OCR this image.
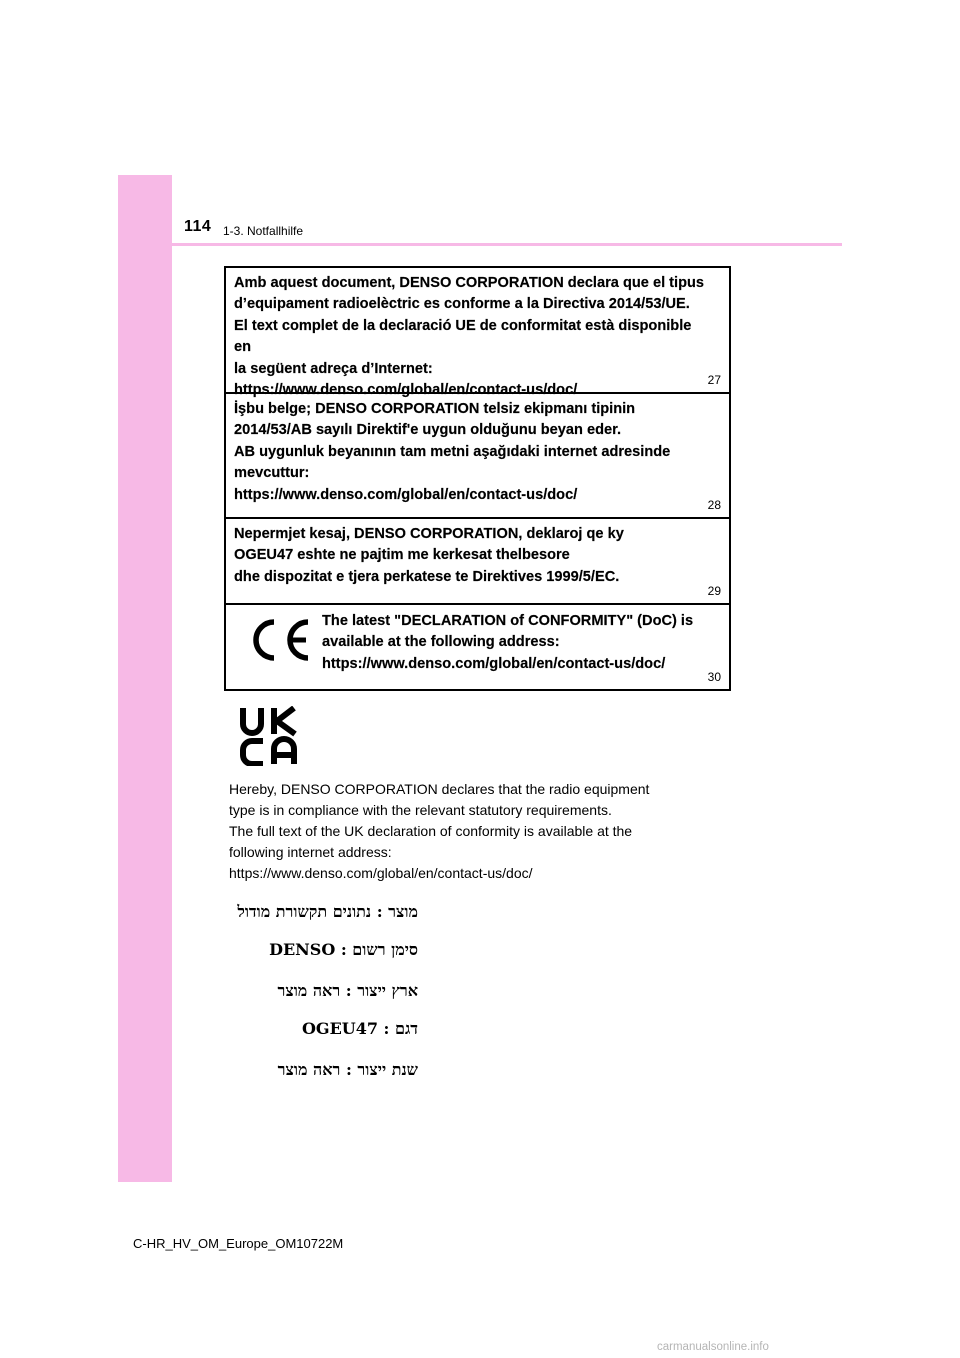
114 1-3. Notfallhilfe
Amb aquest document, DENSO CORPORATION declara que el tipus
d’equipament radioelèctric es conforme a la Directiva 2014/53/UE.
El text complet de la declaració UE de conformitat està disponible en
la següent adreça d’Internet:
https://www.denso.com/global/en/contact-us/doc/
27
İşbu belge; DENSO CORPORATION telsiz ekipmanı tipinin
2014/53/AB sayılı Direktif'e uygun olduğunu beyan eder.
AB uygunluk beyanının tam metni aşağıdaki internet adresinde
mevcuttur:
https://www.denso.com/global/en/contact-us/doc/
28
Nepermjet kesaj, DENSO CORPORATION, deklaroj qe ky
OGEU47 eshte ne pajtim me kerkesat thelbesore
dhe dispozitat e tjera perkatese te Direktives 1999/5/EC.
29
The latest "DECLARATION of CONFORMITY" (DoC) is
available at the following address:
https://www.denso.com/global/en/contact-us/doc/
30
Hereby, DENSO CORPORATION declares that the radio equipment
type is in compliance with the relevant statutory requirements.
The full text of the UK declaration of conformity is available at the
following internet address:
https://www.denso.com/global/en/contact-us/doc/
מוצר : נתונים תקשורת מודול
סימן רשום : DENSO
ארץ ייצור : ראה מוצר
דגם : OGEU47
שנת ייצור : ראה מוצר
C-HR_HV_OM_Europe_OM10722M
carmanualsonline.info
